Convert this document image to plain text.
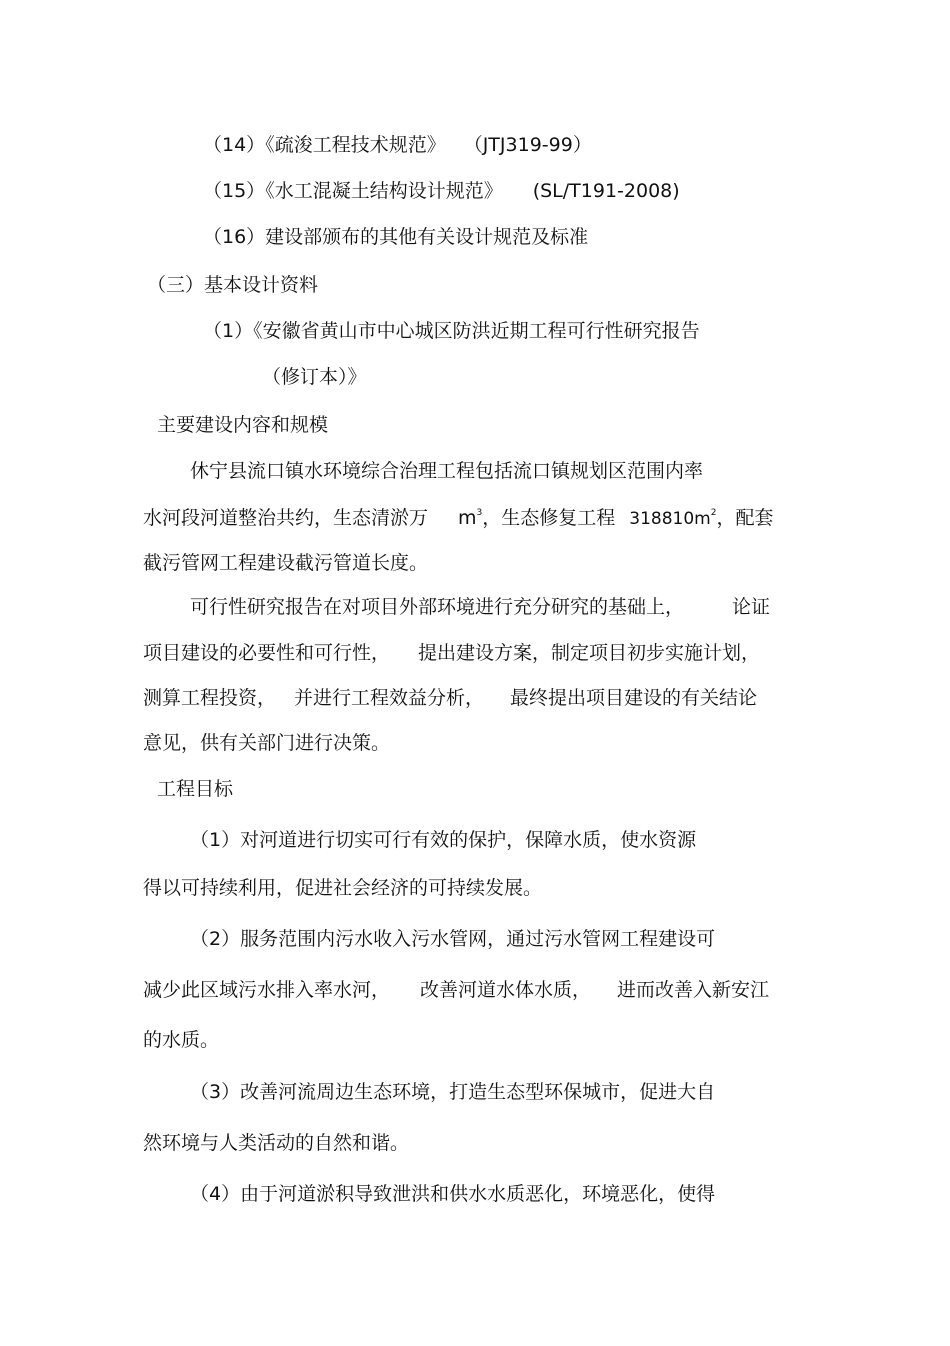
（14）《疏浚工程技术规范》 （JTJ319-99）
（15）《水工混凝土结构设计规范》 (SL/T191-2008)
（16）建设部颁布的其他有关设计规范及标准
（三）基本设计资料
（1）《安徽省黄山市中心城区防洪近期工程可行性研究报告
（修订本）》
主要建设内容和规模
休宁县流口镇水环境综合治理工程包括流口镇规划区范围内率
水河段河道整治共约，生态清淤万 $m^3$，生态修复工程 $318810m^2$，配套
截污管网工程建设截污管道长度。
可行性研究报告在对项目外部环境进行充分研究的基础上，	论证
项目建设的必要性和可行性， 提出建设方案，制定项目初步实施计划，
测算工程投资， 并进行工程效益分析， 最终提出项目建设的有关结论
意见，供有关部门进行决策。
工程目标
（1）对河道进行切实可行有效的保护，保障水质，使水资源
得以可持续利用，促进社会经济的可持续发展。
（2）服务范围内污水收入污水管网，通过污水管网工程建设可
减少此区域污水排入率水河， 改善河道水体水质， 进而改善入新安江
的水质。
（3）改善河流周边生态环境，打造生态型环保城市，促进大自
然环境与人类活动的自然和谐。
（4）由于河道淤积导致泄洪和供水水质恶化，环境恶化，使得
